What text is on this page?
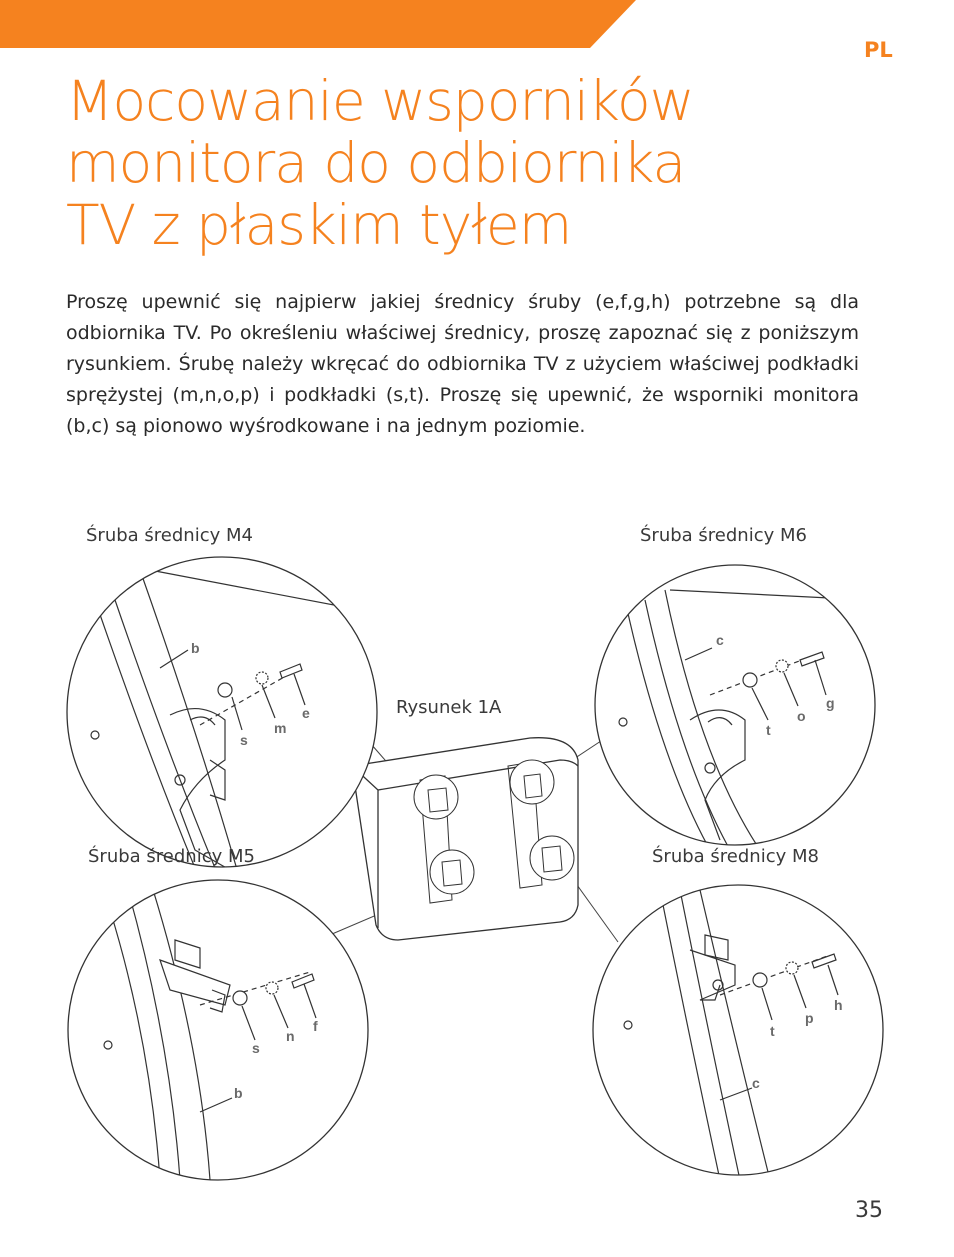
PL
Mocowanie wsporników
monitora do odbiornika
TV z płaskim tyłem

Proszę upewnić się najpierw jakiej średnicy śruby (e,f,g,h) potrzebne są dla odbiornika TV. Po określeniu właściwej średnicy, proszę zapoznać się z poniższym rysunkiem. Śrubę należy wkręcać do odbiornika TV z użyciem właściwej podkładki sprężystej (m,n,o,p) i podkładki (s,t). Proszę się upewnić, że wsporniki monitora (b,c) są pionowo wyśrodkowane i na jednym poziomie.

b
s
m
e
c
t
o
g
s
n
f
b
t
p
h
c
Śruba średnicy M4	Śruba średnicy M6
Śruba średnicy M5	Śruba średnicy M8
Rysunek 1A
35
